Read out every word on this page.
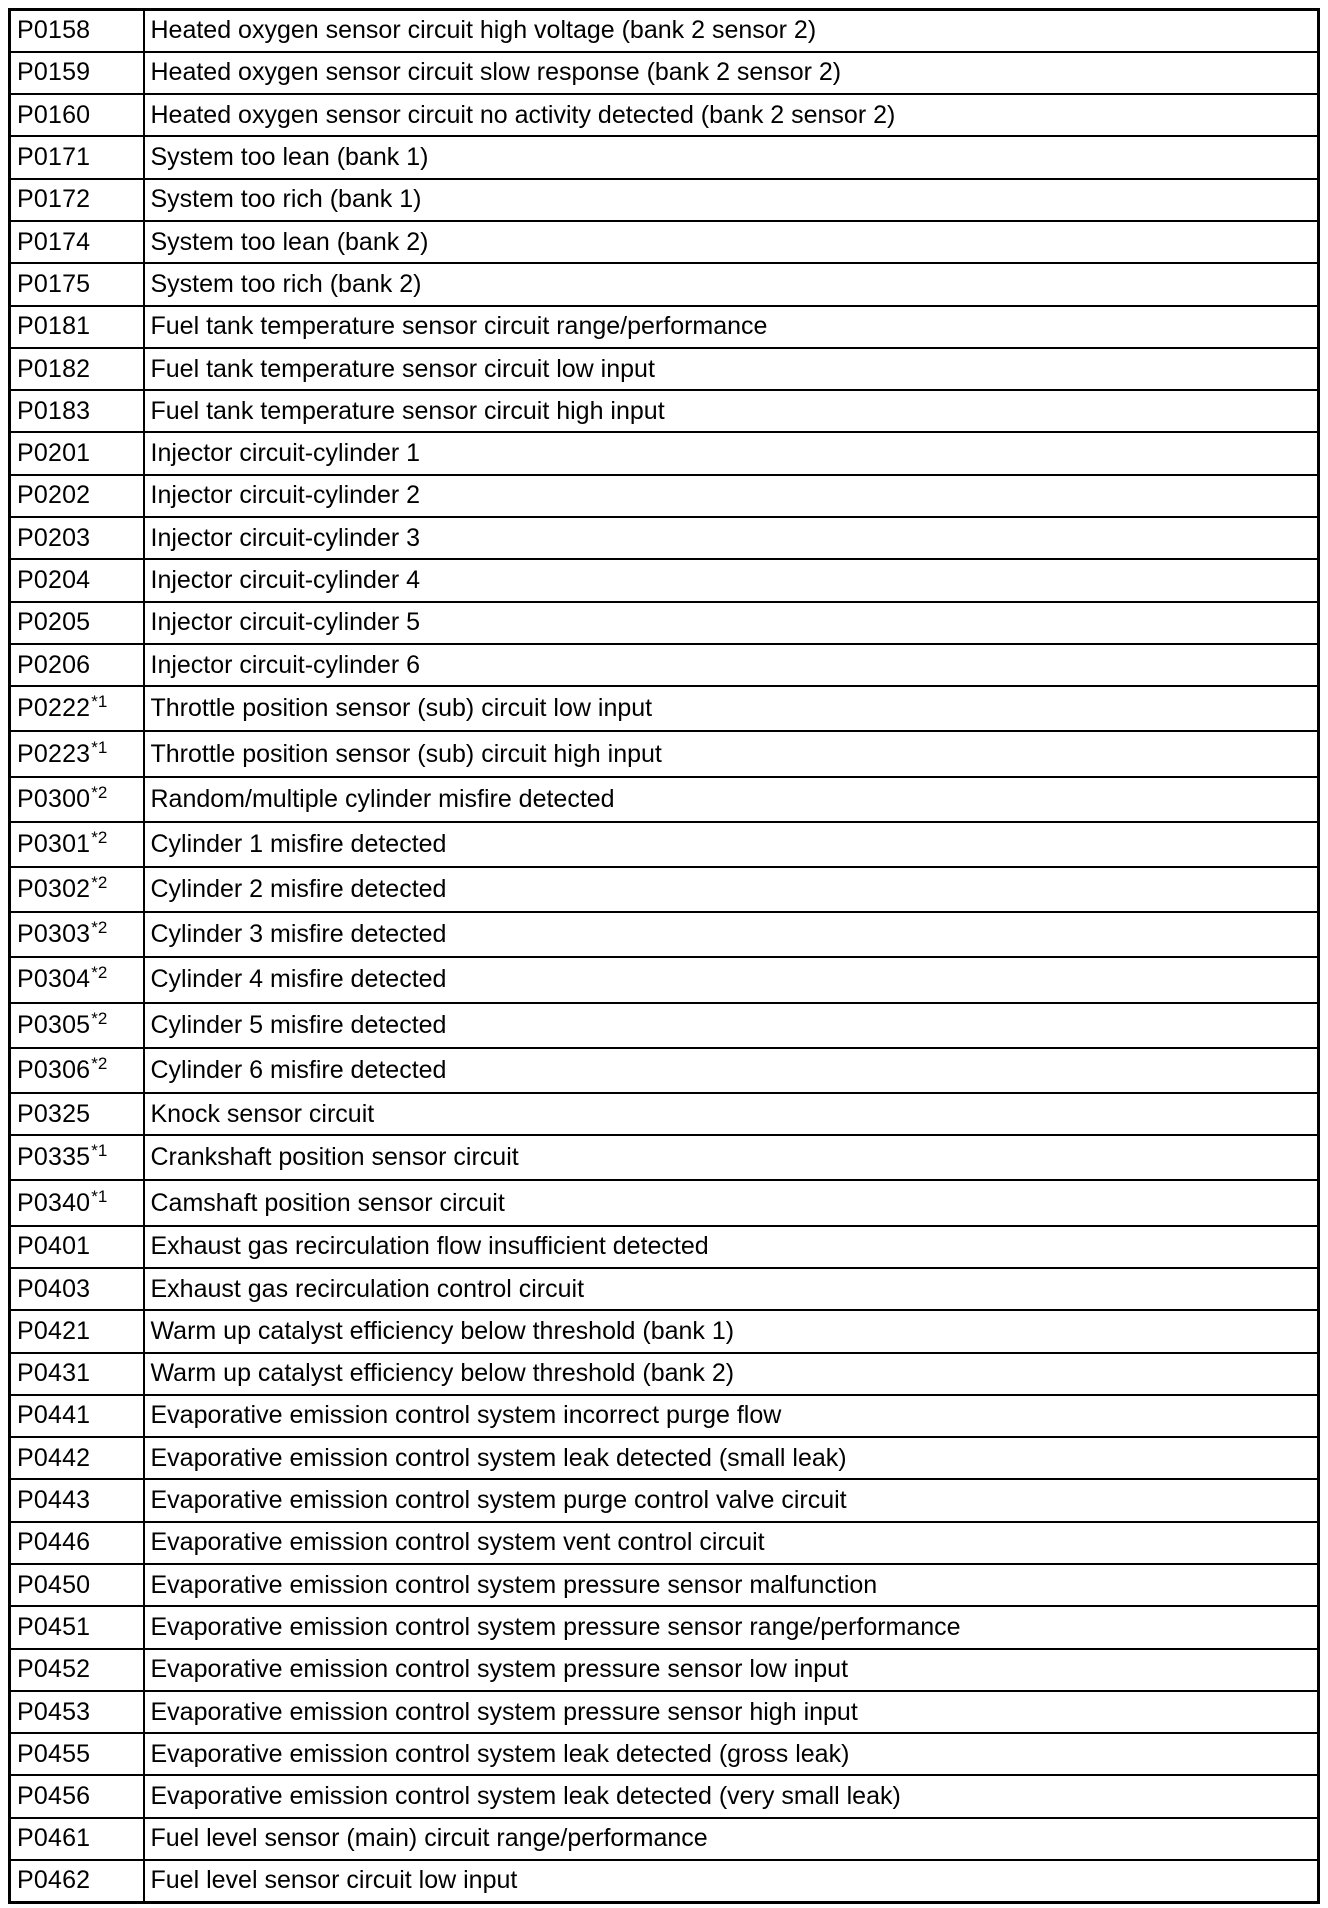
P0158	Heated oxygen sensor circuit high voltage (bank 2 sensor 2)
P0159	Heated oxygen sensor circuit slow response (bank 2 sensor 2)
P0160	Heated oxygen sensor circuit no activity detected (bank 2 sensor 2)
P0171	System too lean (bank 1)
P0172	System too rich (bank 1)
P0174	System too lean (bank 2)
P0175	System too rich (bank 2)
P0181	Fuel tank temperature sensor circuit range/performance
P0182	Fuel tank temperature sensor circuit low input
P0183	Fuel tank temperature sensor circuit high input
P0201	Injector circuit-cylinder 1
P0202	Injector circuit-cylinder 2
P0203	Injector circuit-cylinder 3
P0204	Injector circuit-cylinder 4
P0205	Injector circuit-cylinder 5
P0206	Injector circuit-cylinder 6
P0222$^{*1}$	Throttle position sensor (sub) circuit low input
P0223$^{*1}$	Throttle position sensor (sub) circuit high input
P0300$^{*2}$	Random/multiple cylinder misfire detected
P0301$^{*2}$	Cylinder 1 misfire detected
P0302$^{*2}$	Cylinder 2 misfire detected
P0303$^{*2}$	Cylinder 3 misfire detected
P0304$^{*2}$	Cylinder 4 misfire detected
P0305$^{*2}$	Cylinder 5 misfire detected
P0306$^{*2}$	Cylinder 6 misfire detected
P0325	Knock sensor circuit
P0335$^{*1}$	Crankshaft position sensor circuit
P0340$^{*1}$	Camshaft position sensor circuit
P0401	Exhaust gas recirculation flow insufficient detected
P0403	Exhaust gas recirculation control circuit
P0421	Warm up catalyst efficiency below threshold (bank 1)
P0431	Warm up catalyst efficiency below threshold (bank 2)
P0441	Evaporative emission control system incorrect purge flow
P0442	Evaporative emission control system leak detected (small leak)
P0443	Evaporative emission control system purge control valve circuit
P0446	Evaporative emission control system vent control circuit
P0450	Evaporative emission control system pressure sensor malfunction
P0451	Evaporative emission control system pressure sensor range/performance
P0452	Evaporative emission control system pressure sensor low input
P0453	Evaporative emission control system pressure sensor high input
P0455	Evaporative emission control system leak detected (gross leak)
P0456	Evaporative emission control system leak detected (very small leak)
P0461	Fuel level sensor (main) circuit range/performance
P0462	Fuel level sensor circuit low input
